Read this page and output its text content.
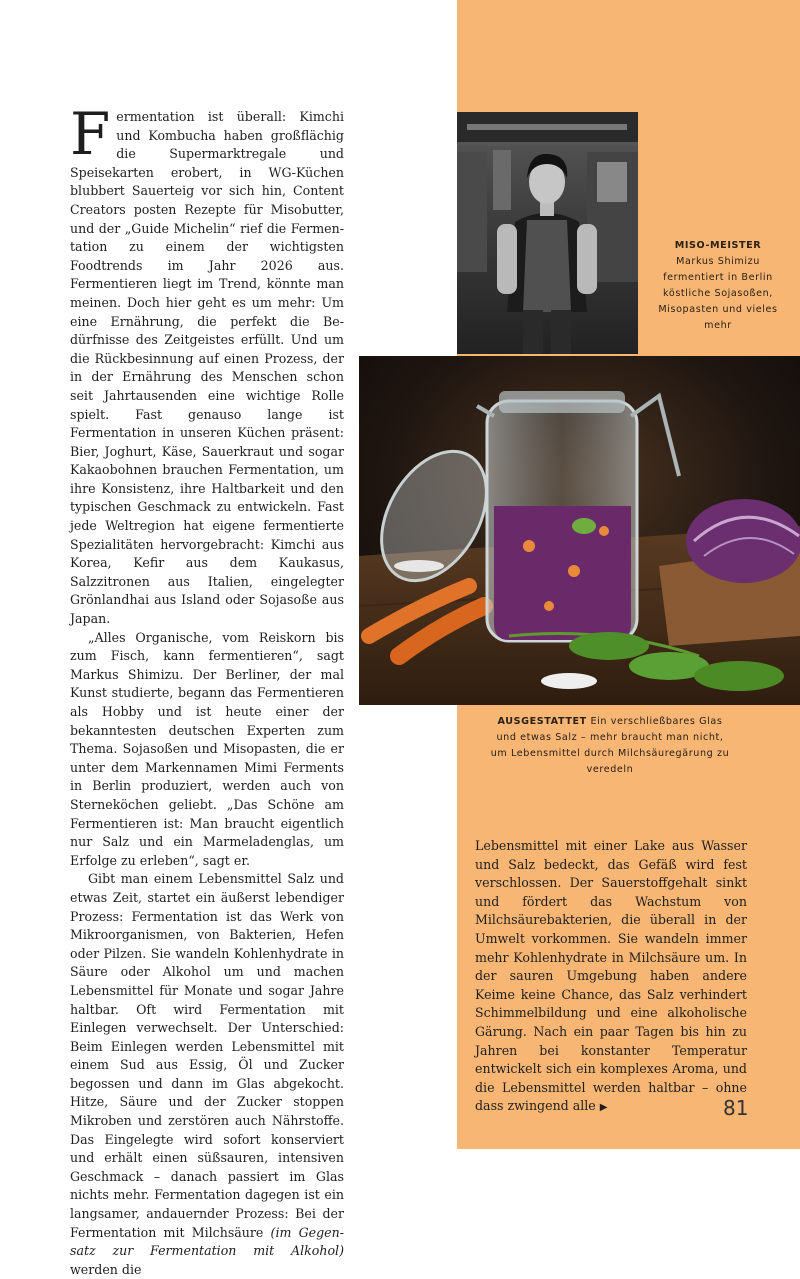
Fermentation ist überall: Kimchi und Kombucha haben großflächig die Supermarktregale und Speisekarten erobert, in WG-Küchen blubbert Sauerteig vor sich hin, Content Creators posten Rezepte für Misobutter, und der „Guide Michelin“ rief die Fermentation zu einem der wichtigsten Foodtrends im Jahr 2026 aus. Fermentieren liegt im Trend, könnte man meinen. Doch hier geht es um mehr: Um eine Ernährung, die perfekt die Bedürfnisse des Zeitgeistes erfüllt. Und um die Rückbesinnung auf einen Prozess, der in der Ernährung des Menschen schon seit Jahrtausenden eine wichtige Rolle spielt. Fast genauso lange ist Fermentation in unseren Küchen präsent: Bier, Joghurt, Käse, Sauerkraut und sogar Kakaobohnen brauchen Fermentation, um ihre Konsistenz, ihre Haltbarkeit und den typischen Geschmack zu entwickeln. Fast jede Weltregion hat eigene fermentierte Spezialitäten hervorgebracht: Kimchi aus Korea, Kefir aus dem Kaukasus, Salzzitronen aus Italien, eingelegter Grönlandhai aus Island oder Sojasoße aus Japan.

„Alles Organische, vom Reiskorn bis zum Fisch, kann fermentieren“, sagt Markus Shimizu. Der Berliner, der mal Kunst studierte, begann das Fermentieren als Hobby und ist heute einer der bekanntesten deutschen Experten zum Thema. Sojasoßen und Misopasten, die er unter dem Markennamen Mimi Ferments in Berlin produziert, werden auch von Sterneköchen geliebt. „Das Schöne am Fermentieren ist: Man braucht eigentlich nur Salz und ein Marmeladenglas, um Erfolge zu erleben“, sagt er.

Gibt man einem Lebensmittel Salz und etwas Zeit, startet ein äußerst lebendiger Prozess: Fermentation ist das Werk von Mikroorganismen, von Bakterien, Hefen oder Pilzen. Sie wandeln Kohlenhydrate in Säure oder Alkohol um und machen Lebensmittel für Monate und sogar Jahre haltbar. Oft wird Fermentation mit Einlegen verwechselt. Der Unterschied: Beim Einlegen werden Lebensmittel mit einem Sud aus Essig, Öl und Zucker begossen und dann im Glas abgekocht. Hitze, Säure und der Zucker stoppen Mikroben und zerstören auch Nährstoffe. Das Eingelegte wird sofort konserviert und erhält einen süßsauren, intensiven Geschmack – danach passiert im Glas nichts mehr. Fermentation dagegen ist ein langsamer, andauernder Prozess: Bei der Fermentation mit Milchsäure (im Gegensatz zur Fermentation mit Alkohol) werden die

MISO-MEISTER
Markus Shimizu fermentiert in Berlin köstliche Sojasoßen, Misopasten und vieles mehr
AUSGESTATTET Ein verschließbares Glas und etwas Salz – mehr braucht man nicht, um Lebensmittel durch Milchsäuregärung zu veredeln

Lebensmittel mit einer Lake aus Wasser und Salz bedeckt, das Gefäß wird fest verschlossen. Der Sauerstoffgehalt sinkt und fördert das Wachstum von Milchsäurebakterien, die überall in der Umwelt vorkommen. Sie wandeln immer mehr Kohlenhydrate in Milchsäure um. In der sauren Umgebung haben andere Keime keine Chance, das Salz verhindert Schimmelbildung und eine alkoholische Gärung. Nach ein paar Tagen bis hin zu Jahren bei konstanter Temperatur entwickelt sich ein komplexes Aroma, und die Lebensmittel werden haltbar – ohne dass zwingend alle ▶	81
